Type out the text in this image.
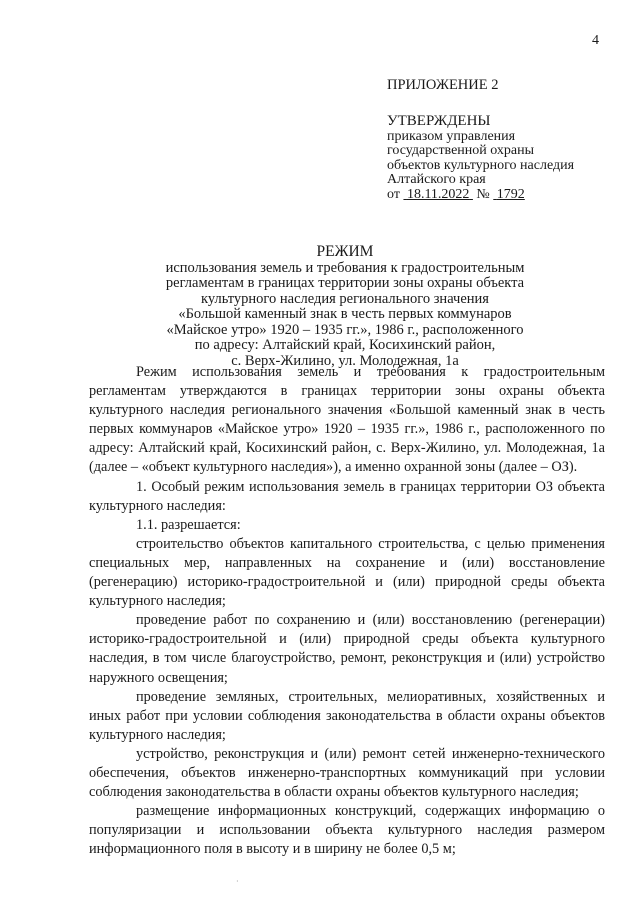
4
ПРИЛОЖЕНИЕ 2
УТВЕРЖДЕНЫ
приказом управления
государственной охраны
объектов культурного наследия
Алтайского края
от 18.11.2022 № 1792
РЕЖИМ
использования земель и требования к градостроительным
регламентам в границах территории зоны охраны объекта
культурного наследия регионального значения
«Большой каменный знак в честь первых коммунаров
«Майское утро» 1920 – 1935 гг.», 1986 г., расположенного
по адресу: Алтайский край, Косихинский район,
с. Верх-Жилино, ул. Молодежная, 1а

Режим использования земель и требования к градостроительным регламентам утверждаются в границах территории зоны охраны объекта культурного наследия регионального значения «Большой каменный знак в честь первых коммунаров «Майское утро» 1920 – 1935 гг.», 1986 г., расположенного по адресу: Алтайский край, Косихинский район, с. Верх-Жилино, ул. Молодежная, 1а (далее – «объект культурного наследия»), а именно охранной зоны (далее – ОЗ).

1. Особый режим использования земель в границах территории ОЗ объекта культурного наследия:

1.1. разрешается:

строительство объектов капитального строительства, с целью применения специальных мер, направленных на сохранение и (или) восстановление (регенерацию) историко-градостроительной и (или) природной среды объекта культурного наследия;

проведение работ по сохранению и (или) восстановлению (регенерации) историко-градостроительной и (или) природной среды объекта культурного наследия, в том числе благоустройство, ремонт, реконструкция и (или) устройство наружного освещения;

проведение земляных, строительных, мелиоративных, хозяйственных и иных работ при условии соблюдения законодательства в области охраны объектов культурного наследия;

устройство, реконструкция и (или) ремонт сетей инженерно-технического обеспечения, объектов инженерно-транспортных коммуникаций при условии соблюдения законодательства в области охраны объектов культурного наследия;

размещение информационных конструкций, содержащих информацию о популяризации и использовании объекта культурного наследия размером информационного поля в высоту и в ширину не более 0,5 м;

·
